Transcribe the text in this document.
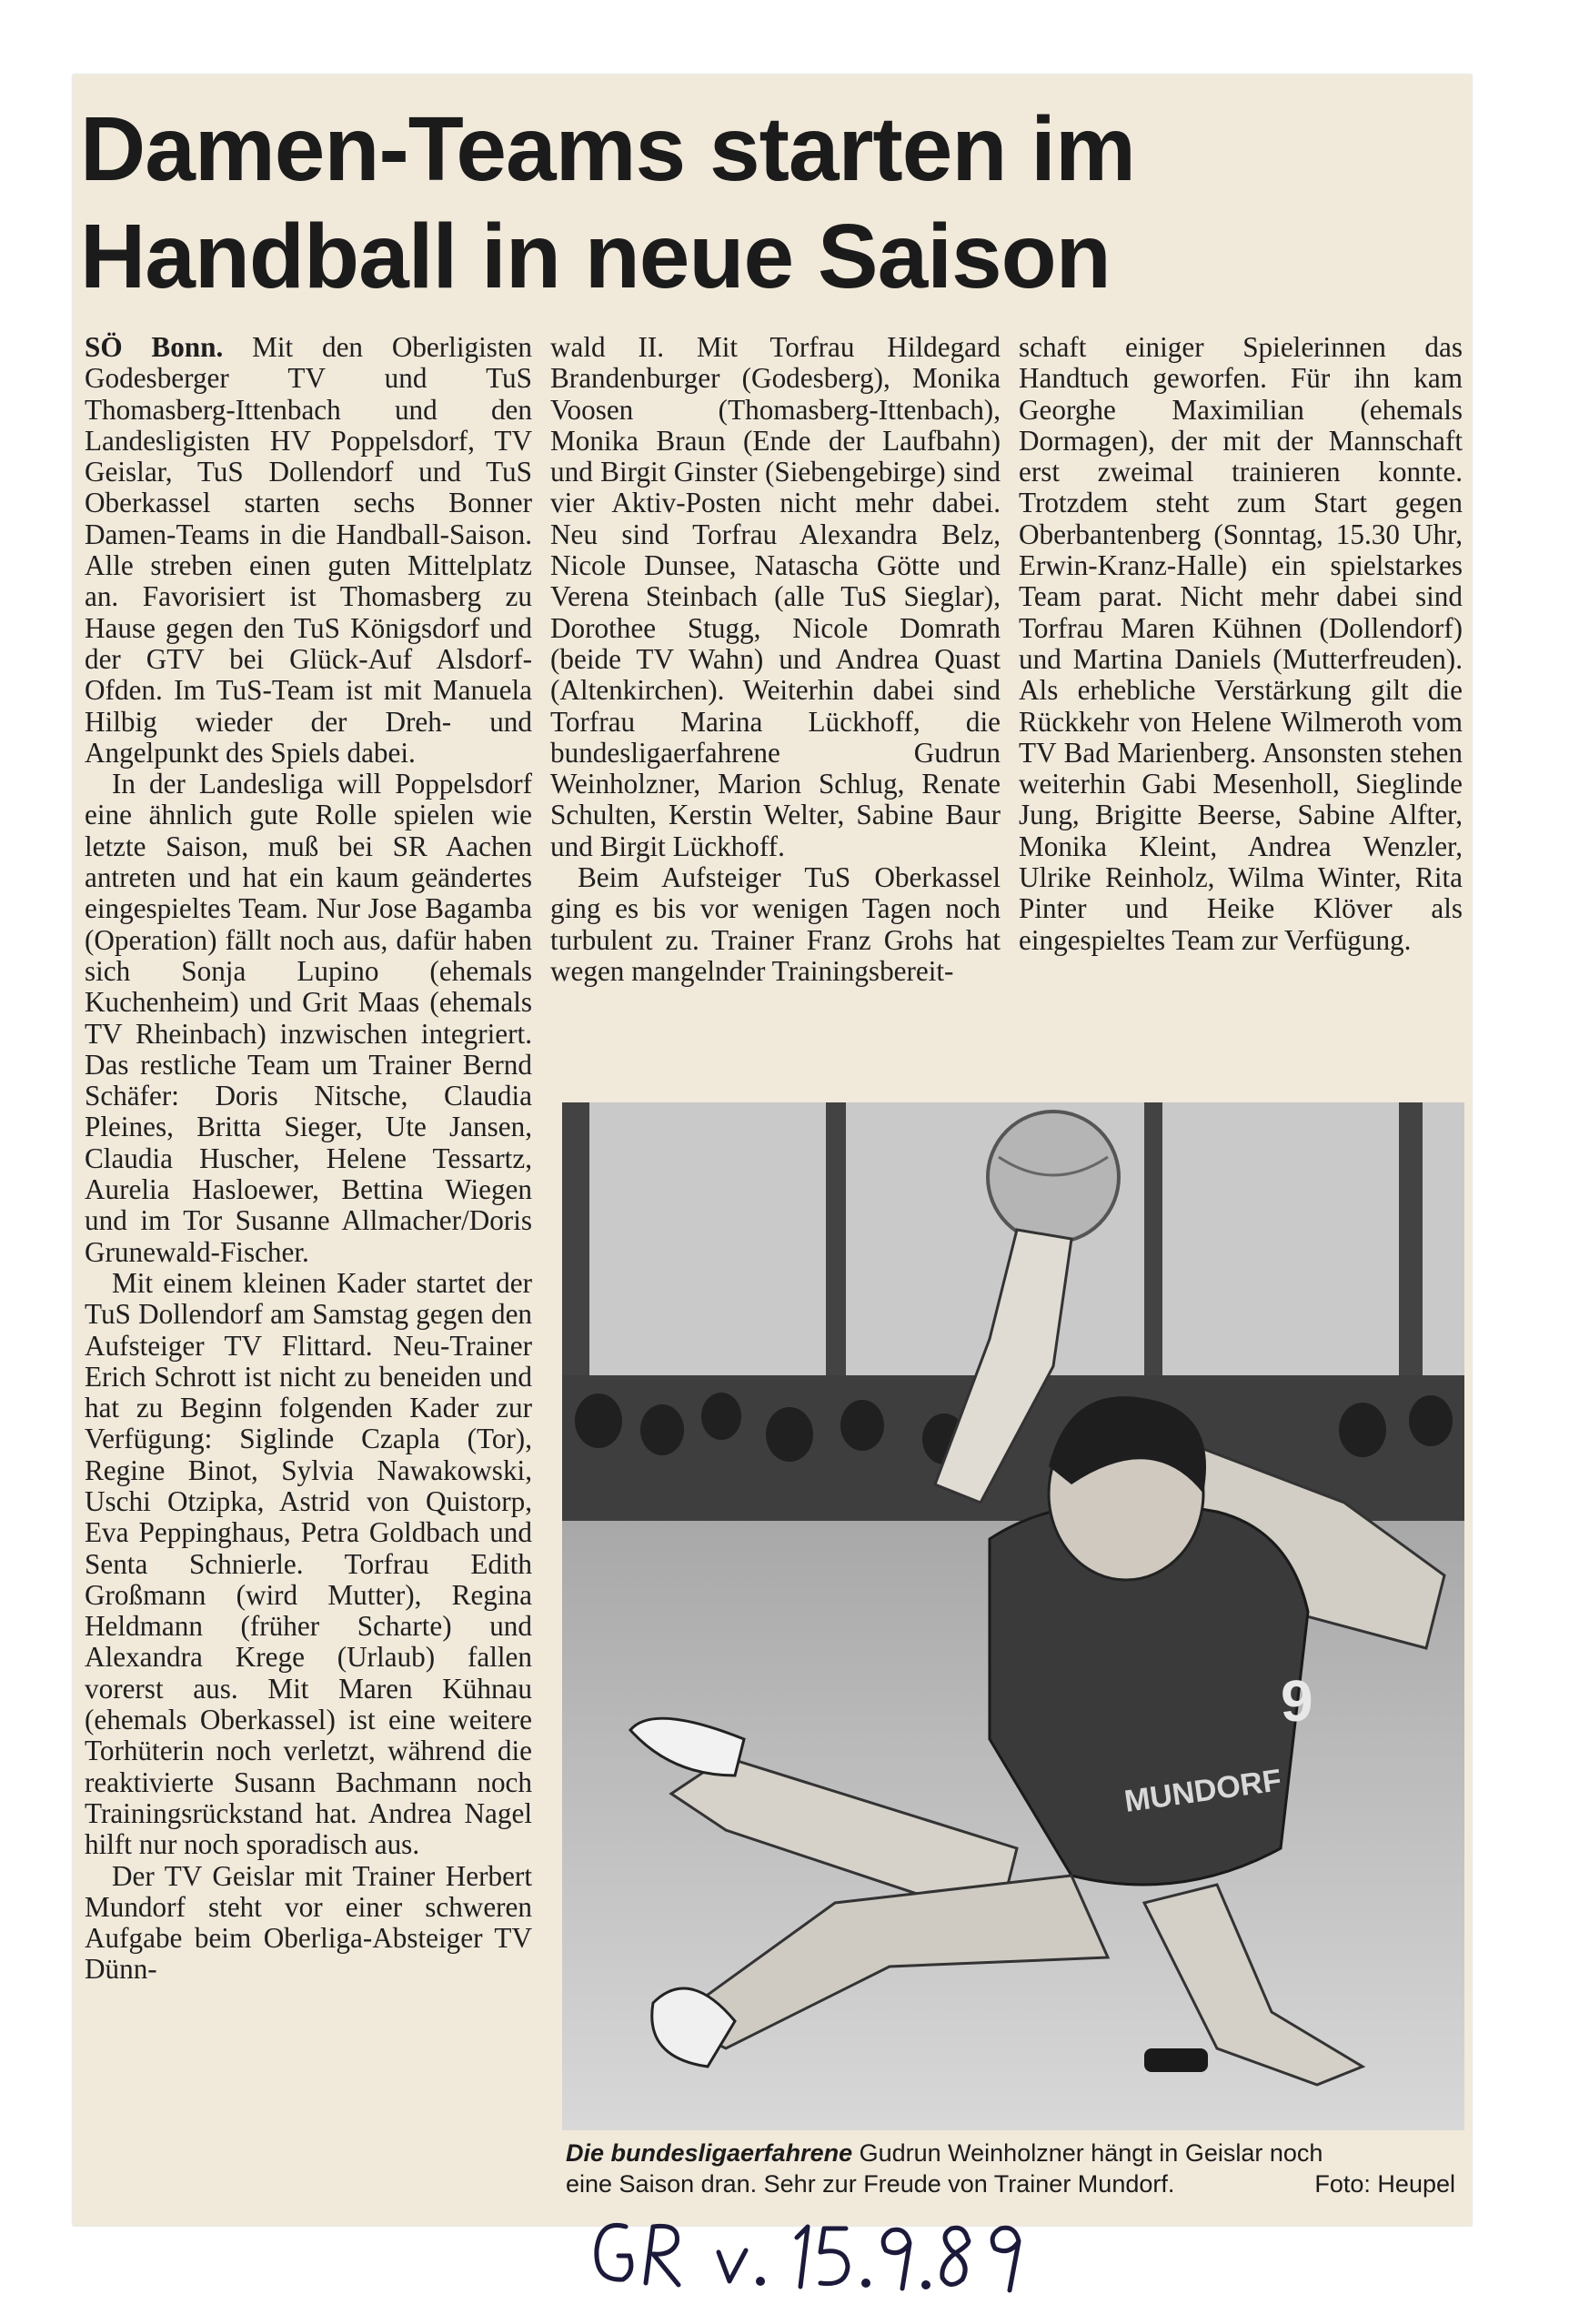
Damen-Teams starten im
Handball in neue Saison

SÖ Bonn. Mit den Oberligisten Godesberger TV und TuS Thomasberg-Ittenbach und den Landesligisten HV Poppelsdorf, TV Geislar, TuS Dollendorf und TuS Oberkassel starten sechs Bonner Damen-Teams in die Handball-Saison. Alle streben einen guten Mittelplatz an. Favorisiert ist Thomasberg zu Hause gegen den TuS Königsdorf und der GTV bei Glück-Auf Alsdorf-Ofden. Im TuS-Team ist mit Manuela Hilbig wieder der Dreh- und Angelpunkt des Spiels dabei.

In der Landesliga will Poppelsdorf eine ähnlich gute Rolle spielen wie letzte Saison, muß bei SR Aachen antreten und hat ein kaum geändertes eingespieltes Team. Nur Jose Bagamba (Operation) fällt noch aus, dafür haben sich Sonja Lupino (ehemals Kuchenheim) und Grit Maas (ehemals TV Rheinbach) inzwischen integriert. Das restliche Team um Trainer Bernd Schäfer: Doris Nitsche, Claudia Pleines, Britta Sieger, Ute Jansen, Claudia Huscher, Helene Tessartz, Aurelia Hasloewer, Bettina Wiegen und im Tor Susanne Allmacher/Doris Grunewald-Fischer.

Mit einem kleinen Kader startet der TuS Dollendorf am Samstag gegen den Aufsteiger TV Flittard. Neu-Trainer Erich Schrott ist nicht zu beneiden und hat zu Beginn folgenden Kader zur Verfügung: Siglinde Czapla (Tor), Regine Binot, Sylvia Nawakowski, Uschi Otzipka, Astrid von Quistorp, Eva Peppinghaus, Petra Goldbach und Senta Schnierle. Torfrau Edith Großmann (wird Mutter), Regina Heldmann (früher Scharte) und Alexandra Krege (Urlaub) fallen vorerst aus. Mit Maren Kühnau (ehemals Oberkassel) ist eine weitere Torhüterin noch verletzt, während die reaktivierte Susann Bachmann noch Trainingsrückstand hat. Andrea Nagel hilft nur noch sporadisch aus.

Der TV Geislar mit Trainer Herbert Mundorf steht vor einer schweren Aufgabe beim Oberliga-Absteiger TV Dünn-

wald II. Mit Torfrau Hildegard Brandenburger (Godesberg), Monika Voosen (Thomasberg-Ittenbach), Monika Braun (Ende der Laufbahn) und Birgit Ginster (Siebengebirge) sind vier Aktiv-Posten nicht mehr dabei. Neu sind Torfrau Alexandra Belz, Nicole Dunsee, Natascha Götte und Verena Steinbach (alle TuS Sieglar), Dorothee Stugg, Nicole Domrath (beide TV Wahn) und Andrea Quast (Altenkirchen). Weiterhin dabei sind Torfrau Marina Lückhoff, die bundesligaerfahrene Gudrun Weinholzner, Marion Schlug, Renate Schulten, Kerstin Welter, Sabine Baur und Birgit Lückhoff.

Beim Aufsteiger TuS Oberkassel ging es bis vor wenigen Tagen noch turbulent zu. Trainer Franz Grohs hat wegen mangelnder Trainingsbereit-

schaft einiger Spielerinnen das Handtuch geworfen. Für ihn kam Georghe Maximilian (ehemals Dormagen), der mit der Mannschaft erst zweimal trainieren konnte. Trotzdem steht zum Start gegen Oberbantenberg (Sonntag, 15.30 Uhr, Erwin-Kranz-Halle) ein spielstarkes Team parat. Nicht mehr dabei sind Torfrau Maren Kühnen (Dollendorf) und Martina Daniels (Mutterfreuden). Als erhebliche Verstärkung gilt die Rückkehr von Helene Wilmeroth vom TV Bad Marienberg. Ansonsten stehen weiterhin Gabi Mesenholl, Sieglinde Jung, Brigitte Beerse, Sabine Alfter, Monika Kleint, Andrea Wenzler, Ulrike Reinholz, Wilma Winter, Rita Pinter und Heike Klöver als eingespieltes Team zur Verfügung.

9
MUNDORF
Die bundesligaerfahrene Gudrun Weinholzner hängt in Geislar noch
eine Saison dran. Sehr zur Freude von Trainer Mundorf.	Foto: Heupel
